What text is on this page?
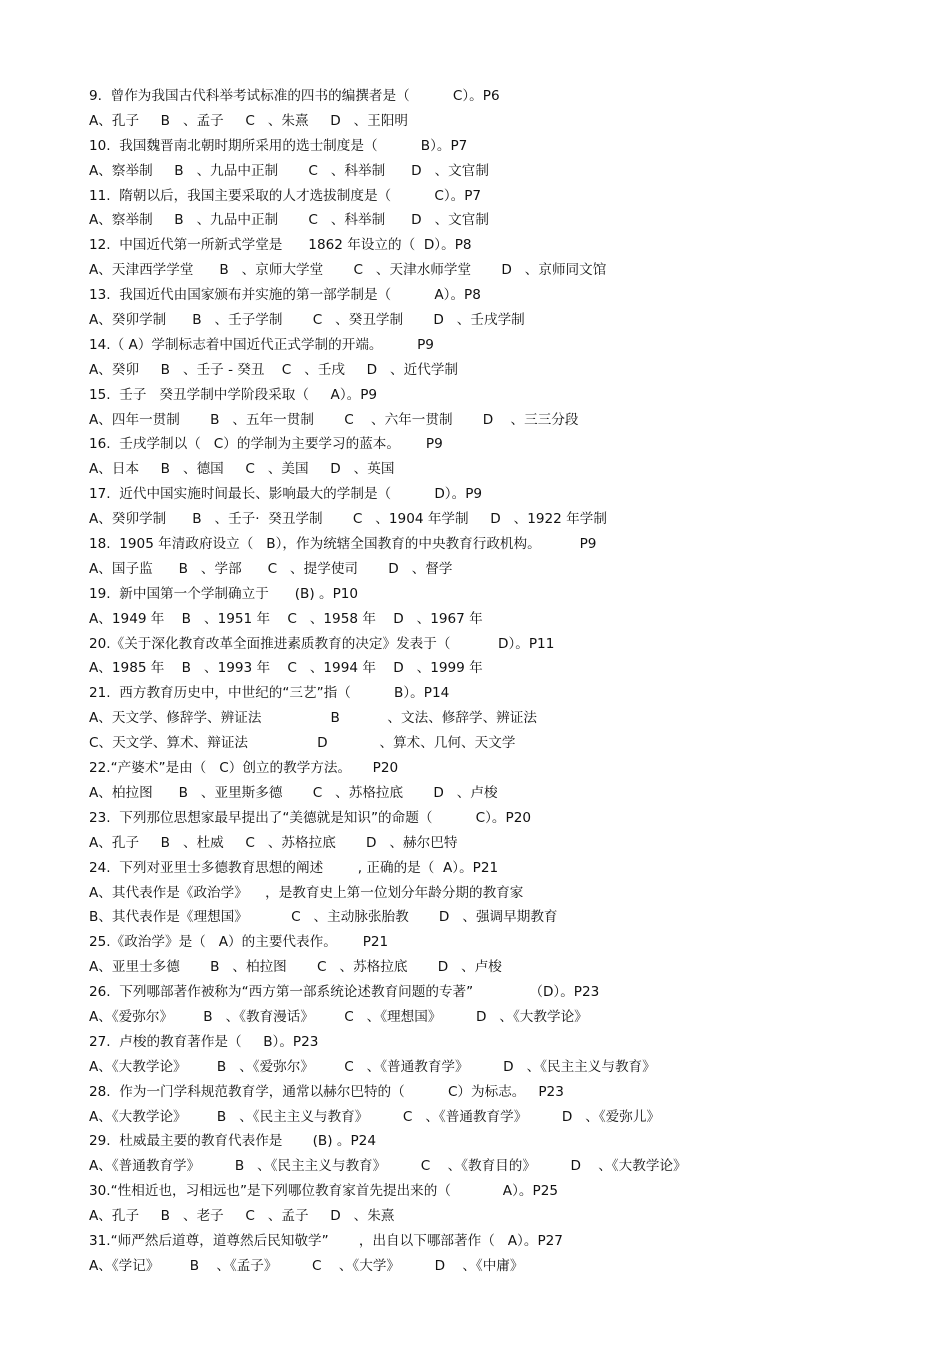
9.  曾作为我国古代科举考试标准的四书的编撰者是（          C）。P6
A、孔子     B   、孟子     C   、朱熹     D   、王阳明
10.  我国魏晋南北朝时期所采用的选士制度是（          B）。P7
A、察举制     B   、九品中正制       C   、科举制      D   、文官制
11.  隋朝以后，我国主要采取的人才选拔制度是（          C）。P7
A、察举制     B   、九品中正制       C   、科举制      D   、文官制
12.  中国近代第一所新式学堂是      1862 年设立的（  D）。P8
A、天津西学学堂      B   、京师大学堂       C   、天津水师学堂       D   、京师同文馆
13.  我国近代由国家颁布并实施的第一部学制是（          A）。P8
A、癸卯学制      B   、壬子学制       C   、癸丑学制       D   、壬戌学制
14.（ A）学制标志着中国近代正式学制的开端。        P9
A、癸卯     B   、壬子 - 癸丑    C   、壬戌     D   、近代学制
15.  壬子   癸丑学制中学阶段采取（     A）。P9
A、四年一贯制       B   、五年一贯制       C    、六年一贯制       D    、三三分段
16.  壬戌学制以（   C）的学制为主要学习的蓝本。      P9
A、日本     B   、德国     C   、美国     D   、英国
17.  近代中国实施时间最长、影响最大的学制是（          D）。P9
A、癸卯学制      B   、壬子·  癸丑学制       C   、1904 年学制     D   、1922 年学制
18.  1905 年清政府设立（   B），作为统辖全国教育的中央教育行政机构。         P9
A、国子监      B   、学部      C   、提学使司       D   、督学
19.  新中国第一个学制确立于      (B) 。P10
A、1949 年    B   、1951 年    C   、1958 年    D   、1967 年
20.《关于深化教育改革全面推进素质教育的决定》发表于（           D）。P11
A、1985 年    B   、1993 年    C   、1994 年    D   、1999 年
21.  西方教育历史中，中世纪的“三艺”指（          B）。P14
A、天文学、修辞学、辨证法                B           、文法、修辞学、辨证法
C、天文学、算术、辩证法                D            、算术、几何、天文学
22.“产婆术”是由（   C）创立的教学方法。     P20
A、柏拉图      B   、亚里斯多德       C   、苏格拉底       D   、卢梭
23.  下列那位思想家最早提出了“美德就是知识”的命题（          C）。P20
A、孔子     B   、杜威     C   、苏格拉底       D   、赫尔巴特
24.  下列对亚里士多德教育思想的阐述        , 正确的是（  A）。P21
A、其代表作是《政治学》    ，是教育史上第一位划分年龄分期的教育家
B、其代表作是《理想国》          C   、主动脉张胎教       D   、强调早期教育
25.《政治学》是（   A）的主要代表作。      P21
A、亚里士多德       B   、柏拉图       C   、苏格拉底       D   、卢梭
26.  下列哪部著作被称为“西方第一部系统论述教育问题的专著”             （D）。P23
A、《爱弥尔》       B   、《教育漫话》       C   、《理想国》        D   、《大教学论》
27.  卢梭的教育著作是（     B）。P23
A、《大教学论》       B   、《爱弥尔》       C   、《普通教育学》        D   、《民主主义与教育》
28.  作为一门学科规范教育学，通常以赫尔巴特的（          C）为标志。   P23
A、《大教学论》       B   、《民主主义与教育》        C   、《普通教育学》        D   、《爱弥儿》
29.  杜威最主要的教育代表作是       (B) 。P24
A、《普通教育学》        B   、《民主主义与教育》        C    、《教育目的》        D    、《大教学论》
30.“性相近也，习相远也”是下列哪位教育家首先提出来的（            A）。P25
A、孔子     B   、老子     C   、孟子     D   、朱熹
31.“师严然后道尊，道尊然后民知敬学”       ，出自以下哪部著作（   A）。P27
A、《学记》       B    、《孟子》        C    、《大学》        D    、《中庸》
